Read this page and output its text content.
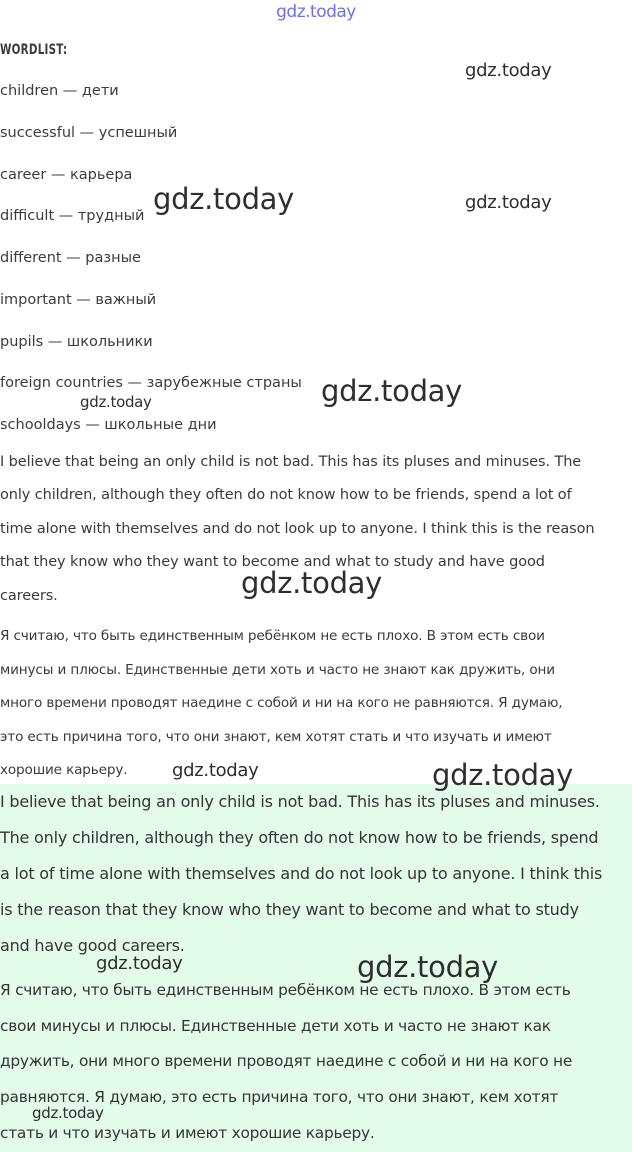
gdz.today
WORDLIST:
children — дети
successful — успешный
career — карьера
difficult — трудный
different — разные
important — важный
pupils — школьники
foreign countries — зарубежные страны
schooldays — школьные дни
I believe that being an only child is not bad. This has its pluses and minuses. The
only children, although they often do not know how to be friends, spend a lot of
time alone with themselves and do not look up to anyone. I think this is the reason
that they know who they want to become and what to study and have good
careers.
Я считаю, что быть единственным ребёнком не есть плохо. В этом есть свои
минусы и плюсы. Единственные дети хоть и часто не знают как дружить, они
много времени проводят наедине с собой и ни на кого не равняются. Я думаю,
это есть причина того, что они знают, кем хотят стать и что изучать и имеют
хорошие карьеру.
I believe that being an only child is not bad. This has its pluses and minuses.
The only children, although they often do not know how to be friends, spend
a lot of time alone with themselves and do not look up to anyone. I think this
is the reason that they know who they want to become and what to study
and have good careers.
Я считаю, что быть единственным ребёнком не есть плохо. В этом есть
свои минусы и плюсы. Единственные дети хоть и часто не знают как
дружить, они много времени проводят наедине с собой и ни на кого не
равняются. Я думаю, это есть причина того, что они знают, кем хотят
стать и что изучать и имеют хорошие карьеру.
gdz.today
gdz.today	gdz.today
gdz.today
gdz.today
gdz.today
gdz.today	gdz.today
gdz.today	gdz.today
gdz.today
